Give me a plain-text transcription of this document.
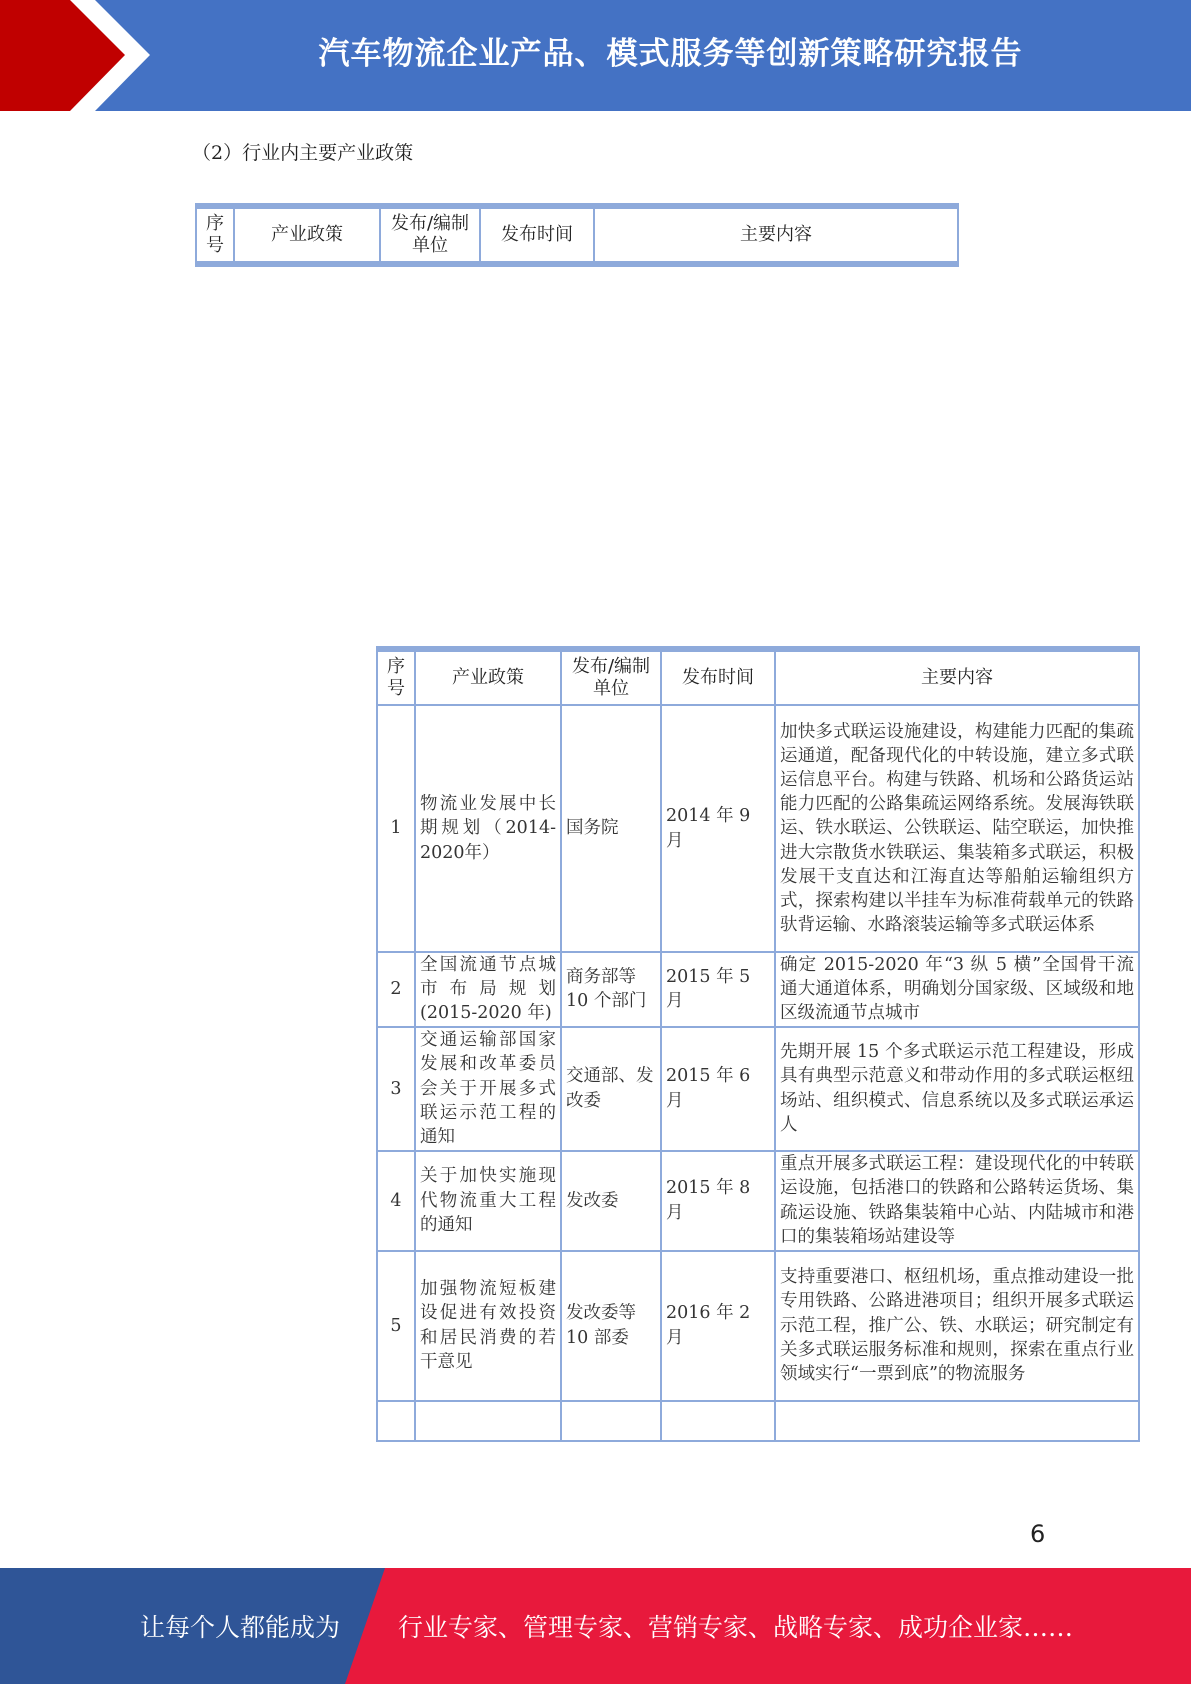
汽车物流企业产品、模式服务等创新策略研究报告
（2）行业内主要产业政策
序号	产业政策	发布/编制单位	发布时间	主要内容
序号	产业政策	发布/编制单位	发布时间	主要内容
1	物流业发展中长期规划（2014-2020年）	国务院	2014 年 9 月	加快多式联运设施建设，构建能力匹配的集疏运通道，配备现代化的中转设施，建立多式联运信息平台。构建与铁路、机场和公路货运站能力匹配的公路集疏运网络系统。发展海铁联运、铁水联运、公铁联运、陆空联运，加快推进大宗散货水铁联运、集装箱多式联运，积极发展干支直达和江海直达等船舶运输组织方式，探索构建以半挂车为标准荷载单元的铁路驮背运输、水路滚装运输等多式联运体系
2	全国流通节点城市布局规划(2015-2020 年)	商务部等 10 个部门	2015 年 5 月	确定 2015-2020 年“3 纵 5 横”全国骨干流通大通道体系，明确划分国家级、区域级和地区级流通节点城市
3	交通运输部国家发展和改革委员会关于开展多式联运示范工程的通知	交通部、发改委	2015 年 6 月	先期开展 15 个多式联运示范工程建设，形成具有典型示范意义和带动作用的多式联运枢纽场站、组织模式、信息系统以及多式联运承运人
4	关于加快实施现代物流重大工程的通知	发改委	2015 年 8 月	重点开展多式联运工程：建设现代化的中转联运设施，包括港口的铁路和公路转运货场、集疏运设施、铁路集装箱中心站、内陆城市和港口的集装箱场站建设等
5	加强物流短板建设促进有效投资和居民消费的若干意见	发改委等 10 部委	2016 年 2 月	支持重要港口、枢纽机场，重点推动建设一批专用铁路、公路进港项目；组织开展多式联运示范工程，推广公、铁、水联运；研究制定有关多式联运服务标准和规则，探索在重点行业领域实行“一票到底”的物流服务

6
让每个人都能成为 行业专家、管理专家、营销专家、战略专家、成功企业家……
